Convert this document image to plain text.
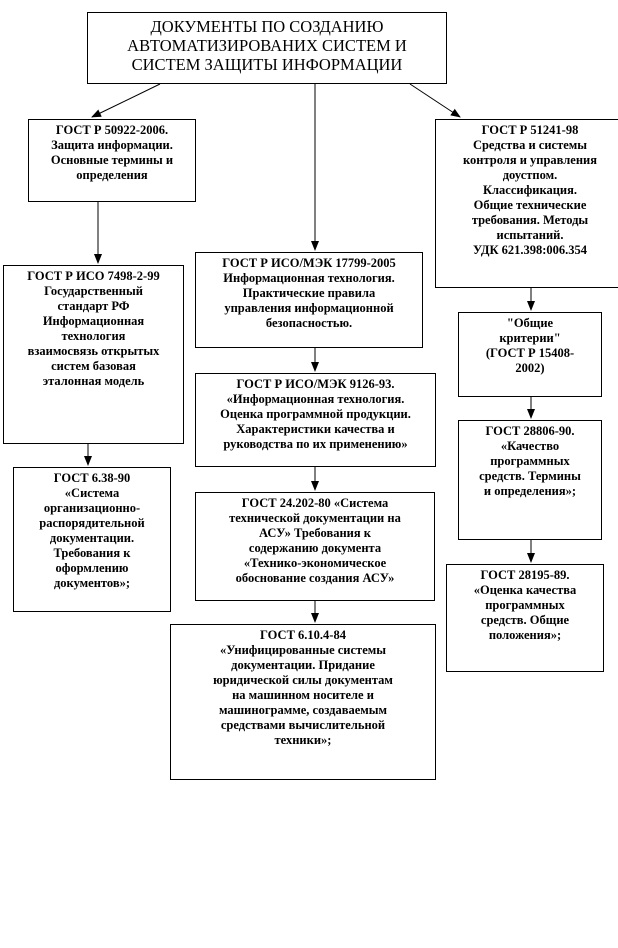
ДОКУМЕНТЫ ПО СОЗДАНИЮ
АВТОМАТИЗИРОВАНИХ СИСТЕМ И
СИСТЕМ ЗАЩИТЫ ИНФОРМАЦИИ
ГОСТ Р 50922-2006.
Защита информации.
Основные термины и
определения
ГОСТ Р ИСО 7498-2-99
Государственный
стандарт РФ
Информационная
технология
взаимосвязь открытых
систем базовая
эталонная модель
ГОСТ 6.38-90
«Система
организационно-
распорядительной
документации.
Требования к
оформлению
документов»;
ГОСТ Р ИСО/МЭК 17799-2005
Информационная технология.
Практические правила
управления информационной
безопасностью.
ГОСТ Р ИСО/МЭК 9126-93.
«Информационная технология.
Оценка программной продукции.
Характеристики качества и
руководства по их применению»
ГОСТ 24.202-80 «Система
технической документации на
АСУ» Требования к
содержанию документа
«Технико-экономическое
обоснование создания АСУ»
ГОСТ 6.10.4-84
«Унифицированные системы
документации. Придание
юридической силы документам
на машинном носителе и
машинограмме, создаваемым
средствами вычислительной
техники»;
ГОСТ Р 51241-98
Средства и системы
контроля и управления
доустпом.
Классификация.
Общие технические
требования. Методы
испытаний.
УДК 621.398:006.354
"Общие
критерии"
(ГОСТ Р 15408-
2002)
ГОСТ 28806-90.
«Качество
программных
средств. Термины
и определения»;
ГОСТ 28195-89.
«Оценка качества
программных
средств. Общие
положения»;
